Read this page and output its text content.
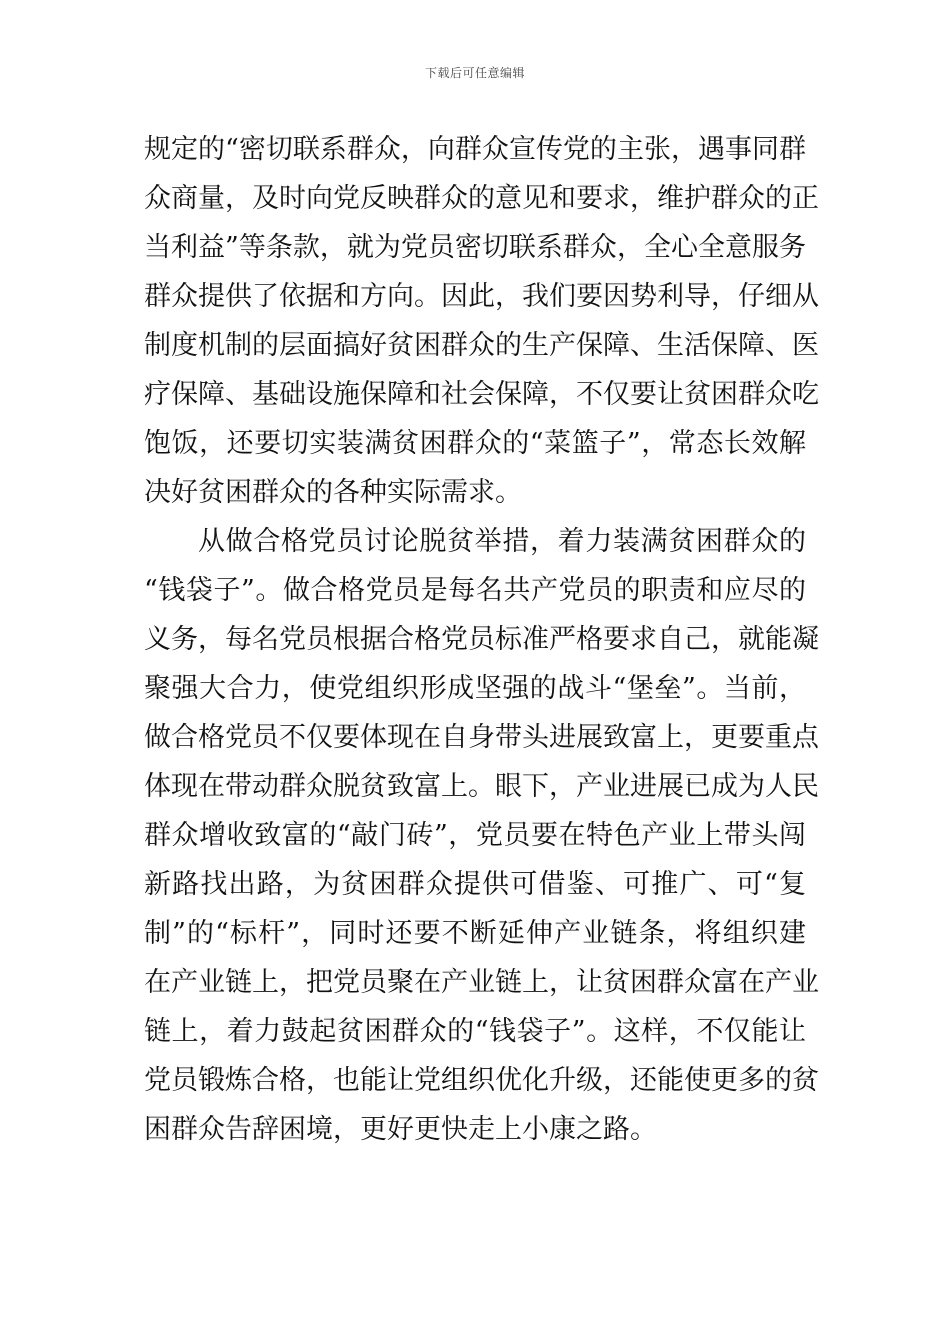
下载后可任意编辑
规定的“密切联系群众，向群众宣传党的主张，遇事同群
众商量，及时向党反映群众的意见和要求，维护群众的正
当利益”等条款，就为党员密切联系群众，全心全意服务
群众提供了依据和方向。因此，我们要因势利导，仔细从
制度机制的层面搞好贫困群众的生产保障、生活保障、医
疗保障、基础设施保障和社会保障，不仅要让贫困群众吃
饱饭，还要切实装满贫困群众的“菜篮子”，常态长效解
决好贫困群众的各种实际需求。
从做合格党员讨论脱贫举措，着力装满贫困群众的
“钱袋子”。做合格党员是每名共产党员的职责和应尽的
义务，每名党员根据合格党员标准严格要求自己，就能凝
聚强大合力，使党组织形成坚强的战斗“堡垒”。当前，
做合格党员不仅要体现在自身带头进展致富上，更要重点
体现在带动群众脱贫致富上。眼下，产业进展已成为人民
群众增收致富的“敲门砖”，党员要在特色产业上带头闯
新路找出路，为贫困群众提供可借鉴、可推广、可“复
制”的“标杆”，同时还要不断延伸产业链条，将组织建
在产业链上，把党员聚在产业链上，让贫困群众富在产业
链上，着力鼓起贫困群众的“钱袋子”。这样，不仅能让
党员锻炼合格，也能让党组织优化升级，还能使更多的贫
困群众告辞困境，更好更快走上小康之路。
